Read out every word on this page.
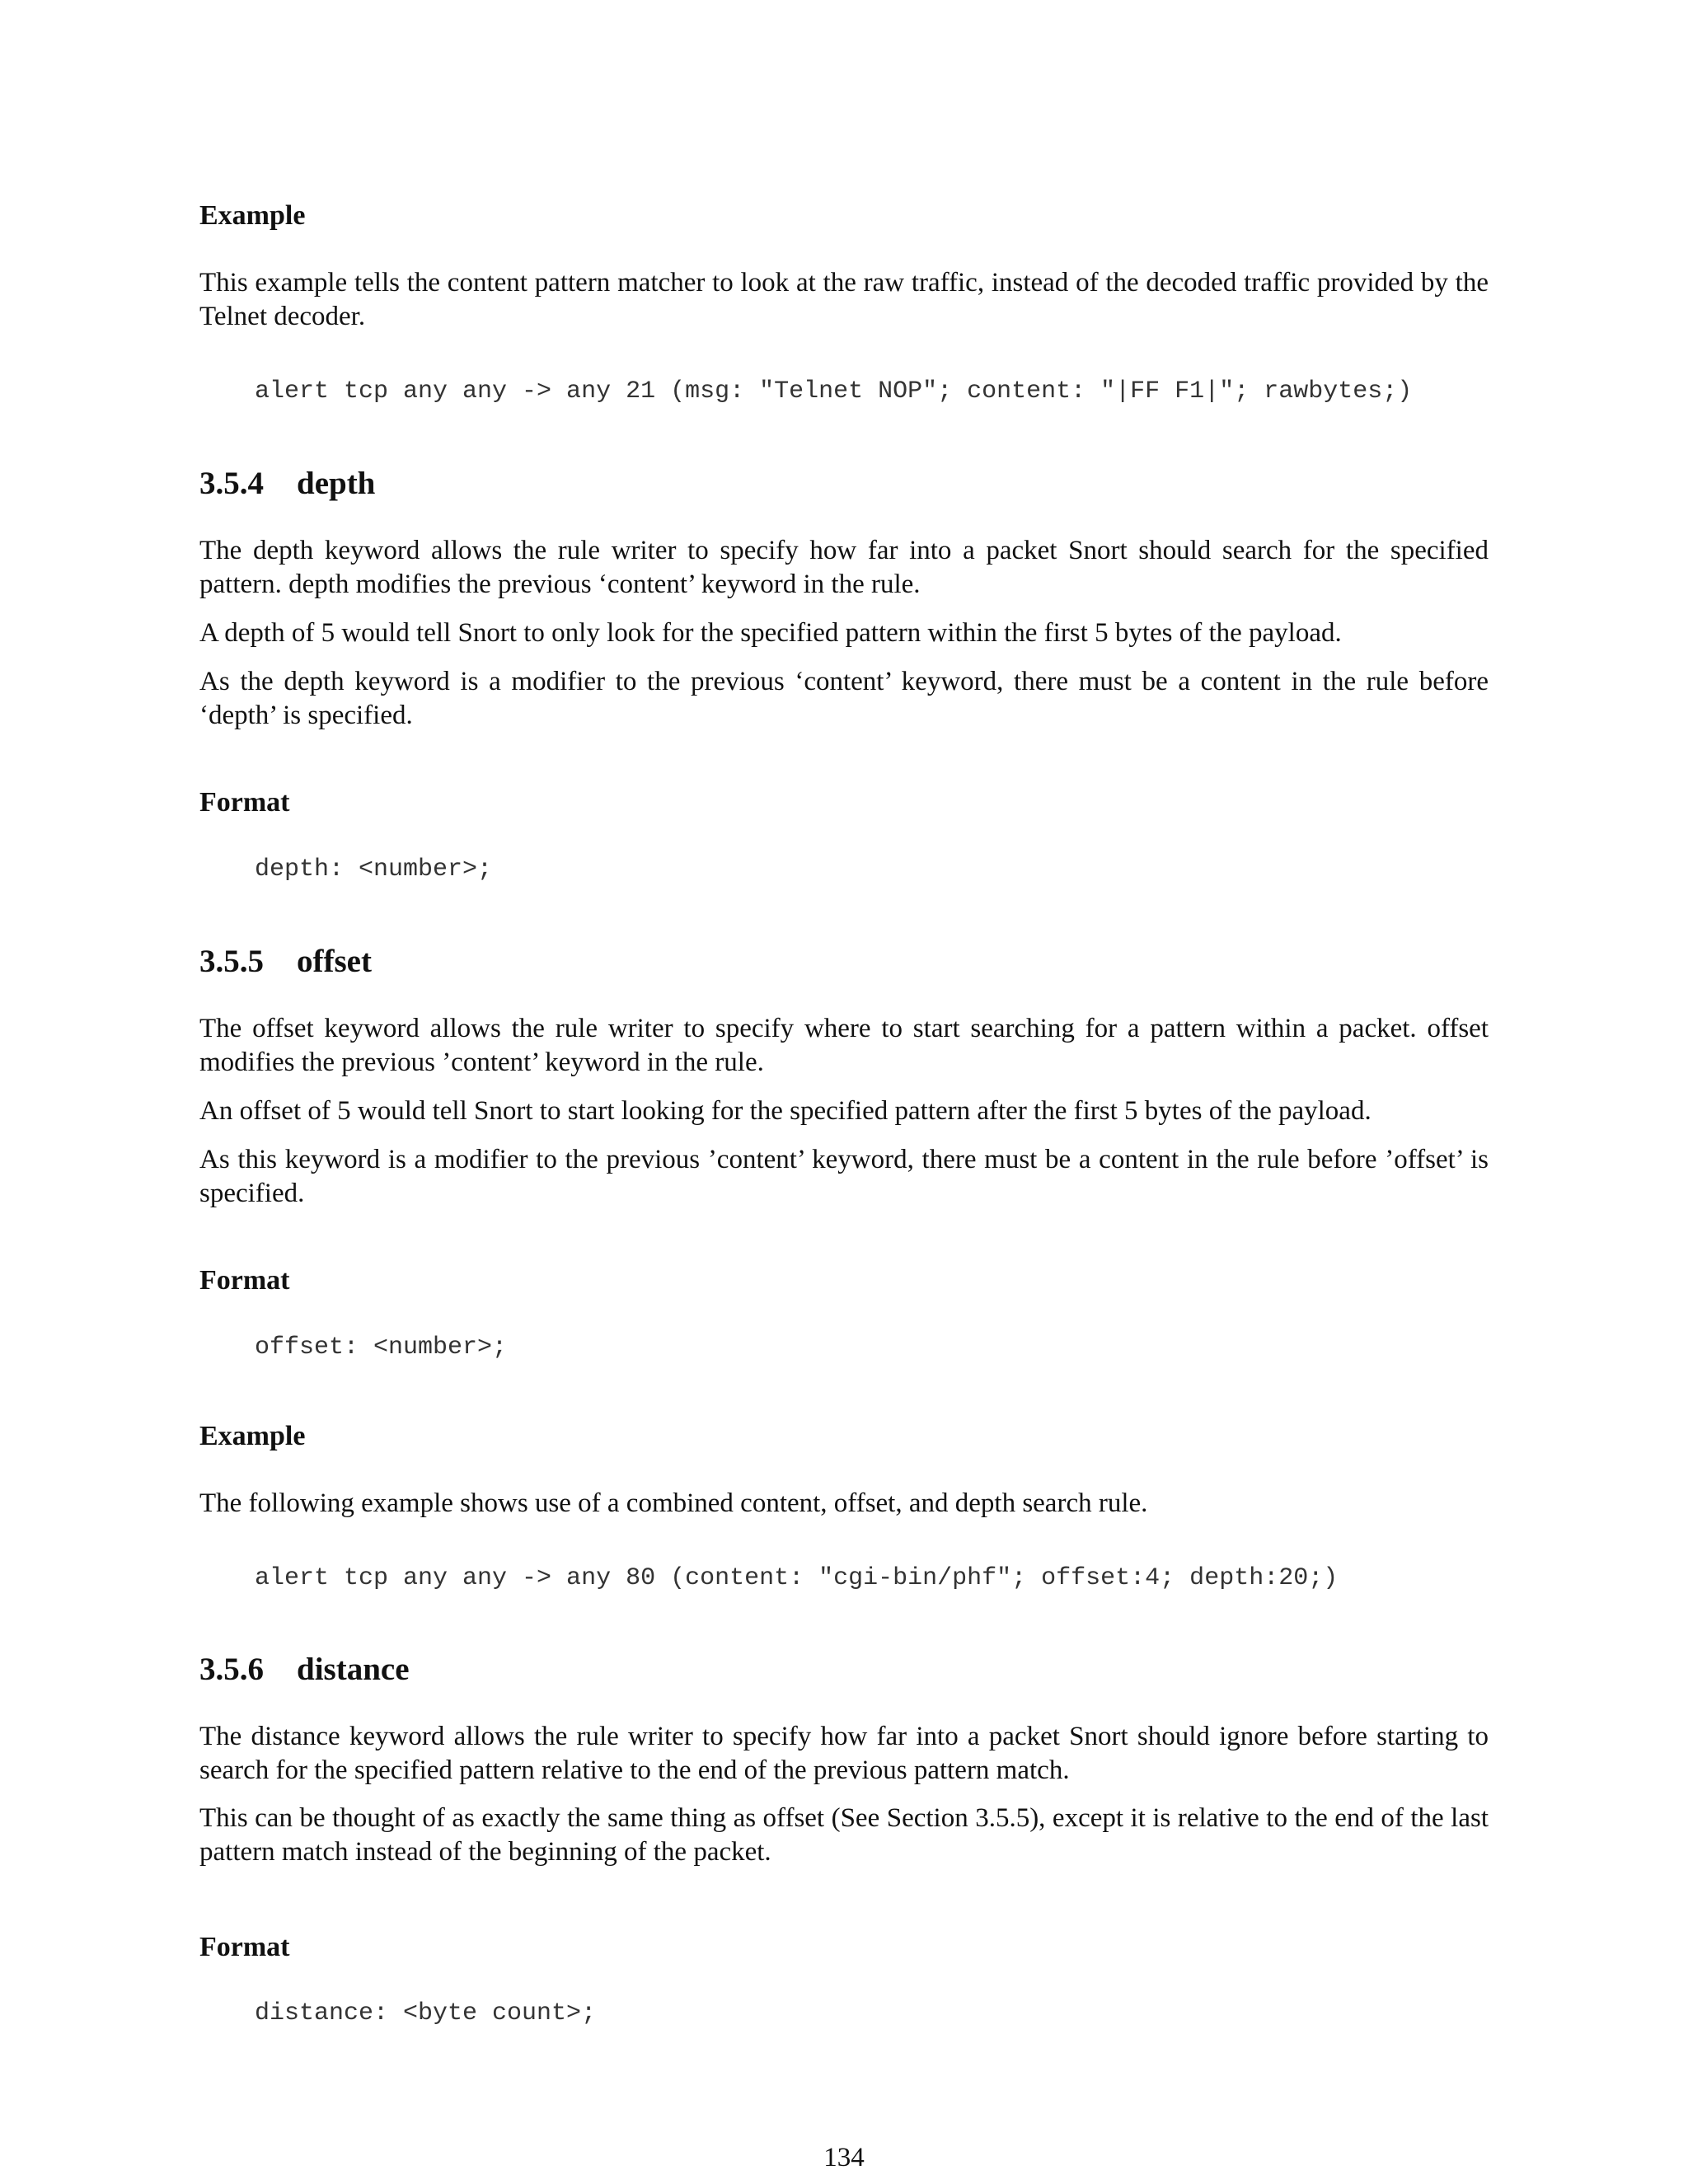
Example

This example tells the content pattern matcher to look at the raw traffic, instead of the decoded traffic provided by the Telnet decoder.

alert tcp any any -> any 21 (msg: "Telnet NOP"; content: "|FF F1|"; rawbytes;)
3.5.4 depth

The depth keyword allows the rule writer to specify how far into a packet Snort should search for the specified pattern. depth modifies the previous ‘content’ keyword in the rule.

A depth of 5 would tell Snort to only look for the specified pattern within the first 5 bytes of the payload.

As the depth keyword is a modifier to the previous ‘content’ keyword, there must be a content in the rule before ‘depth’ is specified.

Format
depth: <number>;
3.5.5 offset

The offset keyword allows the rule writer to specify where to start searching for a pattern within a packet. offset modifies the previous ’content’ keyword in the rule.

An offset of 5 would tell Snort to start looking for the specified pattern after the first 5 bytes of the payload.

As this keyword is a modifier to the previous ’content’ keyword, there must be a content in the rule before ’offset’ is specified.

Format
offset: <number>;
Example

The following example shows use of a combined content, offset, and depth search rule.

alert tcp any any -> any 80 (content: "cgi-bin/phf"; offset:4; depth:20;)
3.5.6 distance

The distance keyword allows the rule writer to specify how far into a packet Snort should ignore before starting to search for the specified pattern relative to the end of the previous pattern match.

This can be thought of as exactly the same thing as offset (See Section 3.5.5), except it is relative to the end of the last pattern match instead of the beginning of the packet.

Format
distance: <byte count>;
134
